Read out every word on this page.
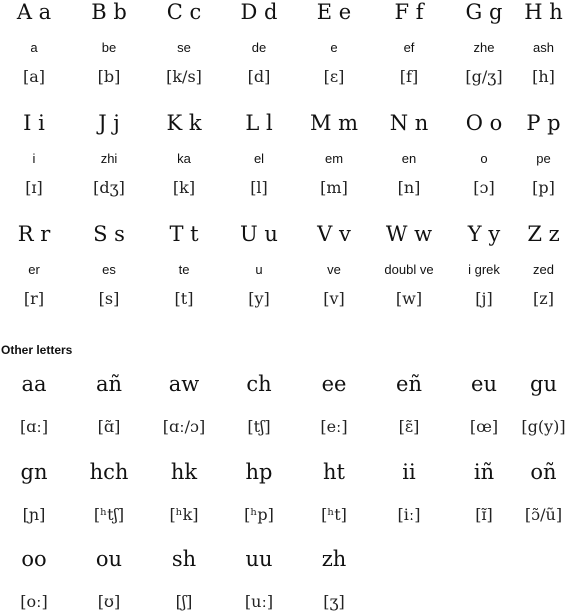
A a
a
[a]
B b
be
[b]
C c
se
[k/s]
D d
de
[d]
E e
e
[ɛ]
F f
ef
[f]
G g
zhe
[g/ʒ]
H h
ash
[h]
I i
i
[ɪ]
J j
zhi
[dʒ]
K k
ka
[k]
L l
el
[l]
M m
em
[m]
N n
en
[n]
O o
o
[ɔ]
P p
pe
[p]
R r
er
[r]
S s
es
[s]
T t
te
[t]
U u
u
[y]
V v
ve
[v]
W w
doubl ve
[w]
Y y
i grek
[j]
Z z
zed
[z]
Other letters
aa
[ɑː]
añ
[ɑ̃]
aw
[ɑː/ɔ]
ch
[tʃ]
ee
[eː]
eñ
[ɛ̃]
eu
[œ]
gu
[g(y)]
gn
[ɲ]
hch
[ʰtʃ]
hk
[ʰk]
hp
[ʰp]
ht
[ʰt]
ii
[iː]
iñ
[ɪ̃]
oñ
[ɔ̃/ũ]
oo
[oː]
ou
[ʊ]
sh
[ʃ]
uu
[uː]
zh
[ʒ]
